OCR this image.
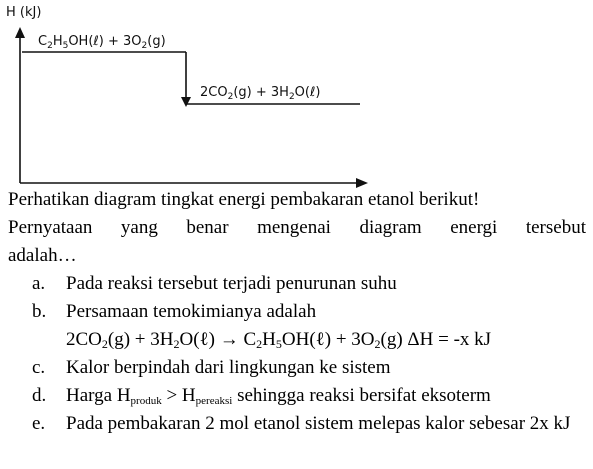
H (kJ)
$C_2H_5OH(\ell) + 3O_2(g)$
$2CO_2(g)$ + $3H_2O(\ell)$
Perhatikan diagram tingkat energi pembakaran etanol berikut!
Pernyataan yang benar mengenai diagram energi tersebut
adalah…
a. Pada reaksi tersebut terjadi penurunan suhu
b. Persamaan temokimianya adalah
$2CO_2(g)$ + $3H_2O(\ell)$ → $C_2H_5OH(\ell) + 3O_2(g) \Delta H = -x$ kJ
c. Kalor berpindah dari lingkungan ke sistem
d. Harga $H_{produk} > H_{pereaksi}$ sehingga reaksi bersifat eksoterm
e. Pada pembakaran 2 mol etanol sistem melepas kalor sebesar 2x kJ
